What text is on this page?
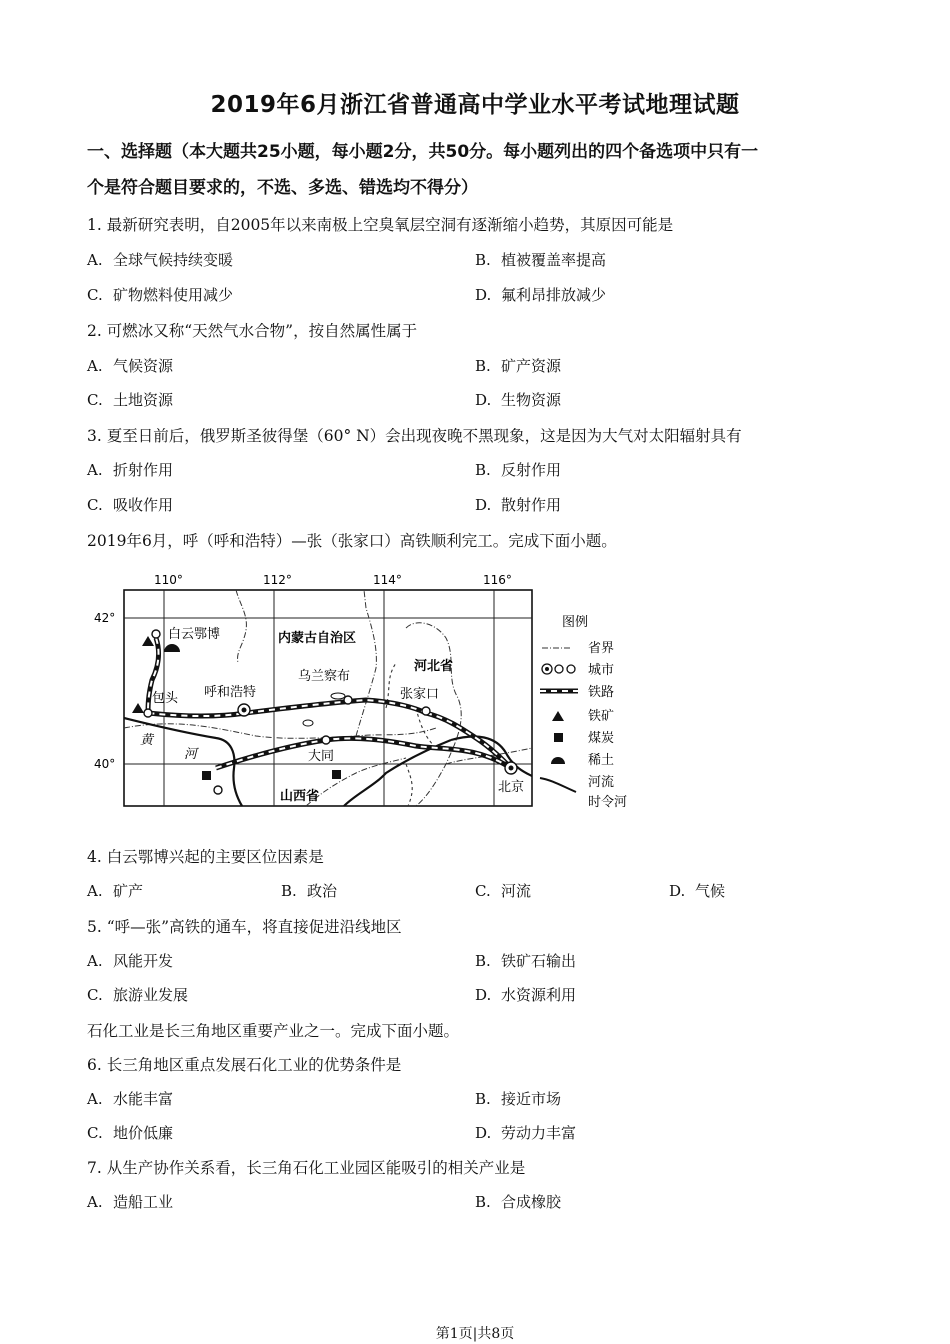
2019年6月浙江省普通高中学业水平考试地理试题
一、选择题（本大题共25小题，每小题2分，共50分。每小题列出的四个备选项中只有一
个是符合题目要求的，不选、多选、错选均不得分）
1. 最新研究表明，自2005年以来南极上空臭氧层空洞有逐渐缩小趋势，其原因可能是
A. 全球气候持续变暖	B. 植被覆盖率提高
C. 矿物燃料使用减少	D. 氟利昂排放减少
2. 可燃冰又称“天然气水合物”，按自然属性属于
A. 气候资源	B. 矿产资源
C. 土地资源	D. 生物资源
3. 夏至日前后，俄罗斯圣彼得堡（60° N）会出现夜晚不黑现象，这是因为大气对太阳辐射具有
A. 折射作用	B. 反射作用
C. 吸收作用	D. 散射作用
2019年6月，呼（呼和浩特）—张（张家口）高铁顺利完工。完成下面小题。
110°	112°	114°	116°
42°
40°
白云鄂博
包头 呼和浩特
乌兰察布
张家口
大同
北京
内蒙古自治区
河北省
山西省
黄
河
图例
省界
城市
铁路
铁矿
煤炭
稀土
河流
时令河
4. 白云鄂博兴起的主要区位因素是
A. 矿产	B. 政治	C. 河流	D. 气候
5. “呼—张”高铁的通车，将直接促进沿线地区
A. 风能开发	B. 铁矿石输出
C. 旅游业发展	D. 水资源利用
石化工业是长三角地区重要产业之一。完成下面小题。
6. 长三角地区重点发展石化工业的优势条件是
A. 水能丰富	B. 接近市场
C. 地价低廉	D. 劳动力丰富
7. 从生产协作关系看，长三角石化工业园区能吸引的相关产业是
A. 造船工业	B. 合成橡胶
第1页|共8页
